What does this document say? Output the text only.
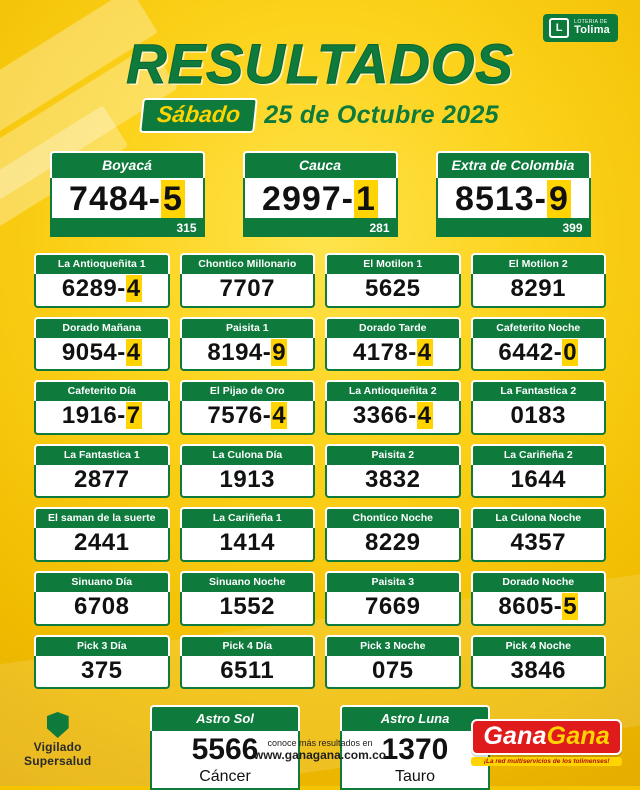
L	LOTERIA DE
Tolima
RESULTADOS
Sábado 25 de Octubre 2025
Boyacá
7484-5
315
Cauca
2997-1
281
Extra de Colombia
8513-9
399
La Antioqueñita 1
6289-4
Chontico Millonario
7707
El Motilon 1
5625
El Motilon 2
8291
Dorado Mañana
9054-4
Paisita 1
8194-9
Dorado Tarde
4178-4
Cafeterito Noche
6442-0
Cafeterito Día
1916-7
El Pijao de Oro
7576-4
La Antioqueñita 2
3366-4
La Fantastica 2
0183
La Fantastica 1
2877
La Culona Día
1913
Paisita 2
3832
La Cariñeña 2
1644
El saman de la suerte
2441
La Cariñeña 1
1414
Chontico Noche
8229
La Culona Noche
4357
Sinuano Día
6708
Sinuano Noche
1552
Paisita 3
7669
Dorado Noche
8605-5
Pick 3 Día
375
Pick 4 Día
6511
Pick 3 Noche
075
Pick 4 Noche
3846
Astro Sol
5566
Cáncer
Astro Luna
1370
Tauro
Vigilado
Supersalud
conoce más resultados en
www.ganagana.com.co
GanaGana
¡La red multiservicios de los tolimenses!
